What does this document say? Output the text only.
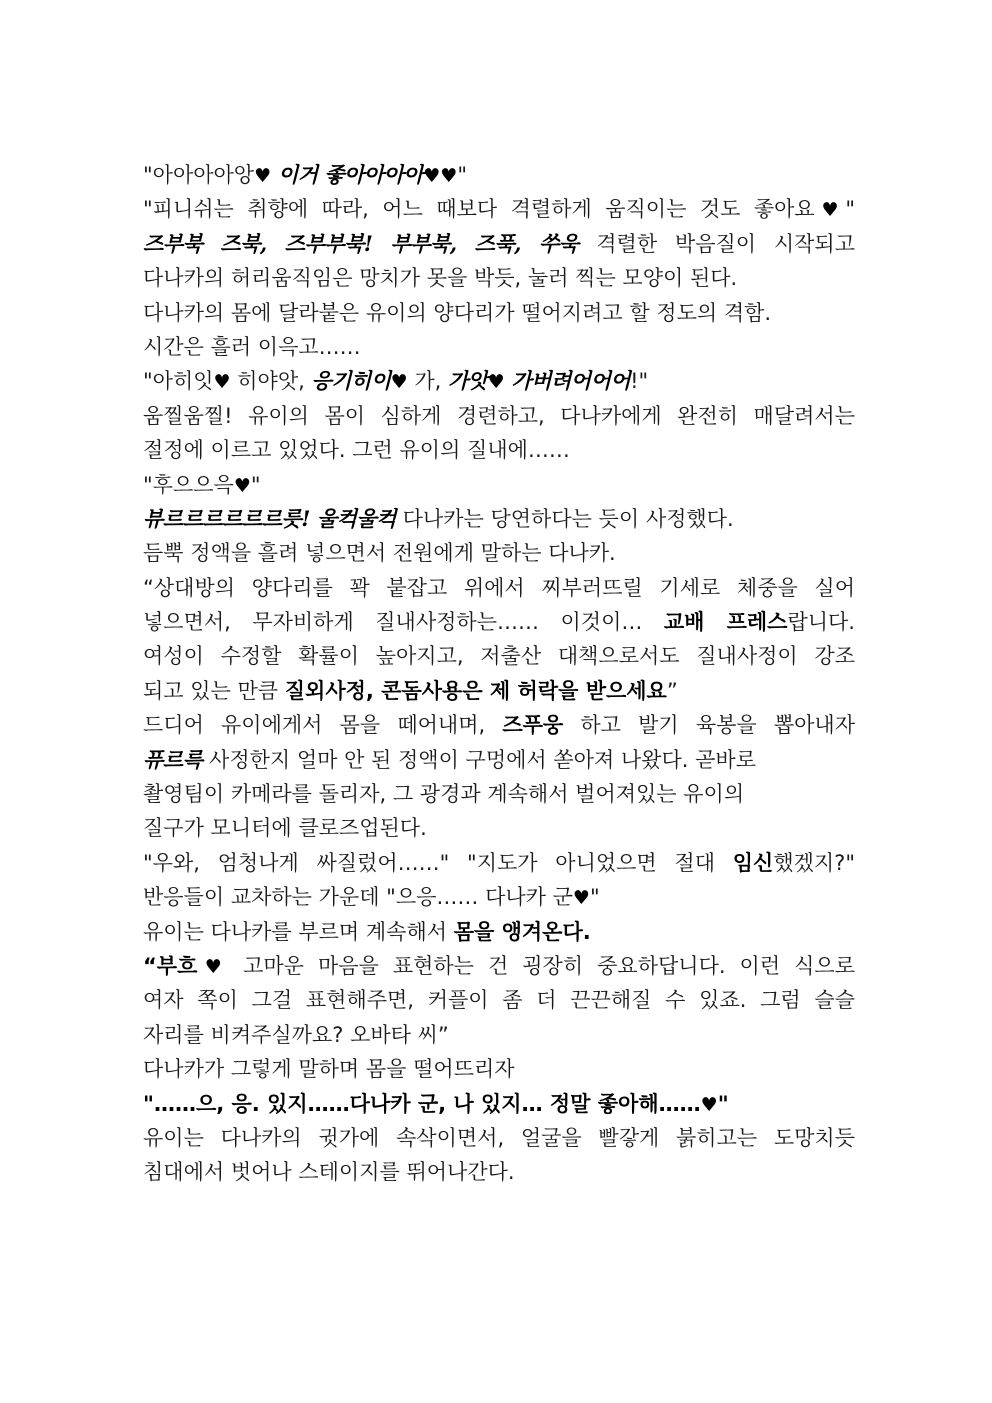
"아아아아앙♥ 이거 좋아아아아♥♥"
"피니쉬는 취향에 따라, 어느 때보다 격렬하게 움직이는 것도 좋아요♥"
즈부북 즈북, 즈부부북! 부부북, 즈푹, 쑤욱 격렬한 박음질이 시작되고
다나카의 허리움직임은 망치가 못을 박듯, 눌러 찍는 모양이 된다.
다나카의 몸에 달라붙은 유이의 양다리가 떨어지려고 할 정도의 격함.
시간은 흘러 이윽고……
"아히잇♥ 히야앗, 응기히이♥ 가, 가앗♥ 가버려어어어!"
움찔움찔! 유이의 몸이 심하게 경련하고, 다나카에게 완전히 매달려서는
절정에 이르고 있었다. 그런 유이의 질내에……
"후으으윽♥"
뷰르르르르르르릇! 울컥울컥 다나카는 당연하다는 듯이 사정했다.
듬뿍 정액을 흘려 넣으면서 전원에게 말하는 다나카.
“상대방의 양다리를 꽉 붙잡고 위에서 찌부러뜨릴 기세로 체중을 실어
넣으면서, 무자비하게 질내사정하는…… 이것이… 교배 프레스랍니다.
여성이 수정할 확률이 높아지고, 저출산 대책으로서도 질내사정이 강조
되고 있는 만큼 질외사정, 콘돔사용은 제 허락을 받으세요”
드디어 유이에게서 몸을 떼어내며, 즈푸웅 하고 발기 육봉을 뽑아내자
퓨르륵 사정한지 얼마 안 된 정액이 구멍에서 쏟아져 나왔다. 곧바로
촬영팀이 카메라를 돌리자, 그 광경과 계속해서 벌어져있는 유이의
질구가 모니터에 클로즈업된다.
"우와, 엄청나게 싸질렀어……" "지도가 아니었으면 절대 임신했겠지?"
반응들이 교차하는 가운데 "으응…… 다나카 군♥"
유이는 다나카를 부르며 계속해서 몸을 앵겨온다.
“부흐♥ 고마운 마음을 표현하는 건 굉장히 중요하답니다. 이런 식으로
여자 쪽이 그걸 표현해주면, 커플이 좀 더 끈끈해질 수 있죠. 그럼 슬슬
자리를 비켜주실까요? 오바타 씨”
다나카가 그렇게 말하며 몸을 떨어뜨리자
"……으, 응. 있지……다나카 군, 나 있지… 정말 좋아해……♥"
유이는 다나카의 귓가에 속삭이면서, 얼굴을 빨갛게 붉히고는 도망치듯
침대에서 벗어나 스테이지를 뛰어나간다.
